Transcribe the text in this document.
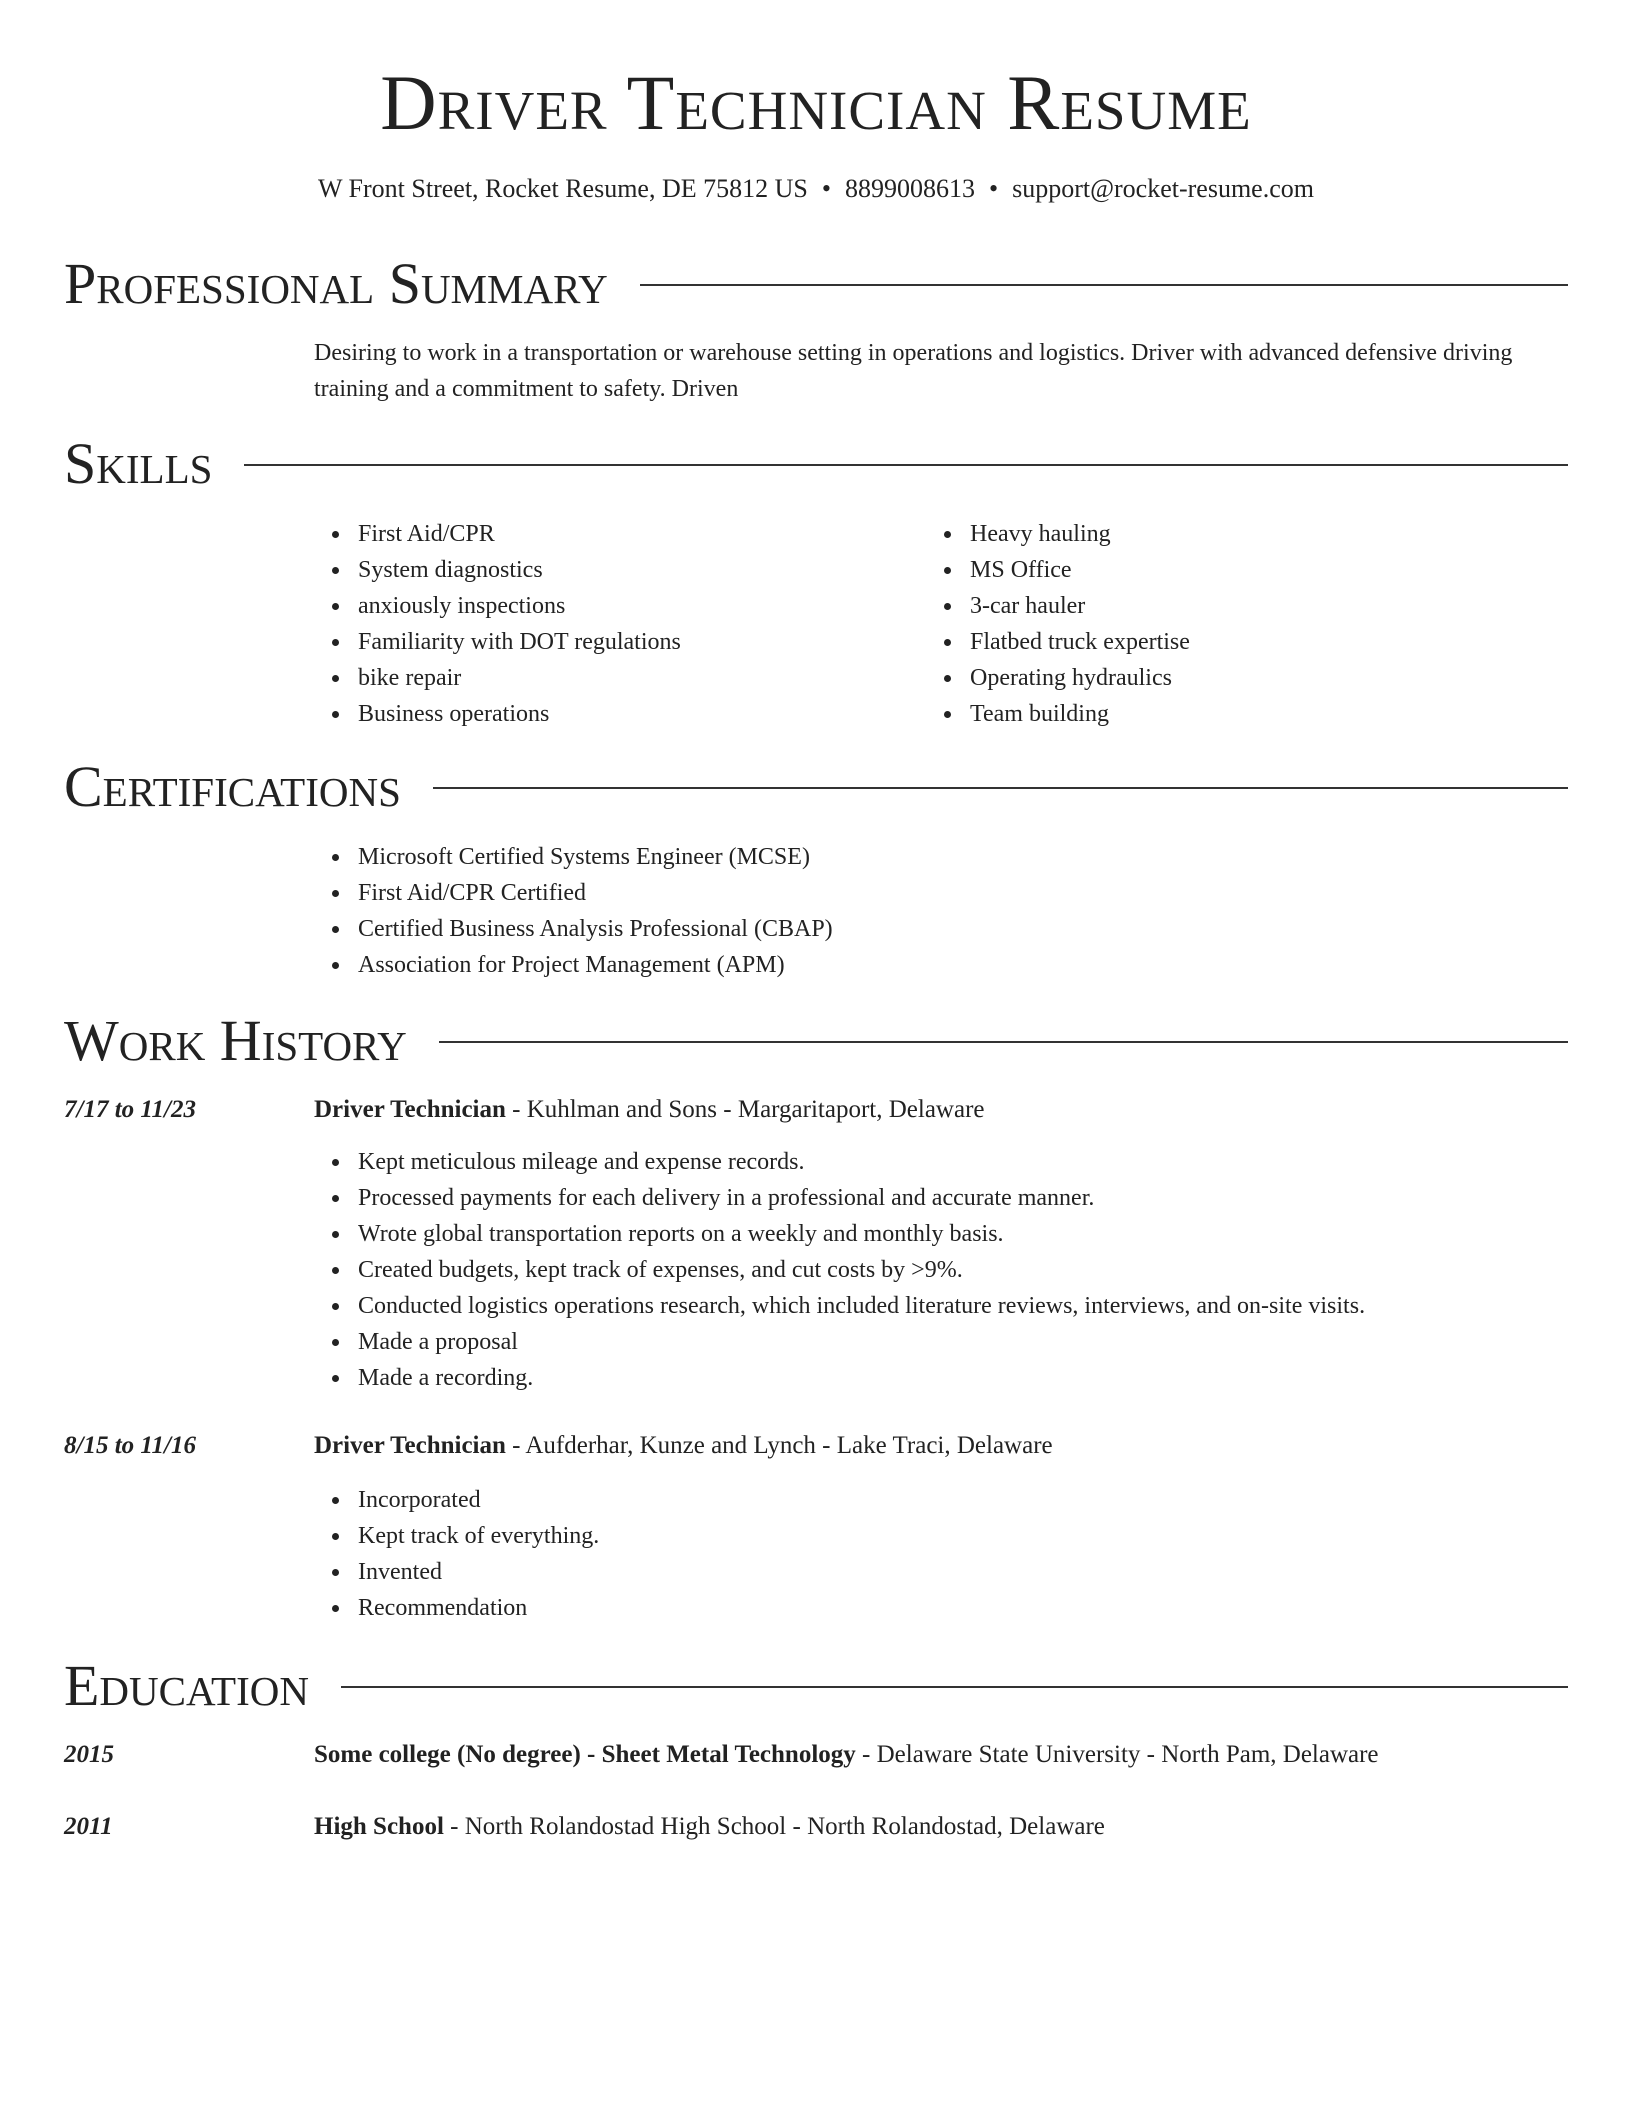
Driver Technician Resume
W Front Street, Rocket Resume, DE 75812 US • 8899008613 • support@rocket-resume.com
Professional Summary
Desiring to work in a transportation or warehouse setting in operations and logistics. Driver with advanced defensive driving training and a commitment to safety. Driven
Skills
First Aid/CPR
System diagnostics
anxiously inspections
Familiarity with DOT regulations
bike repair
Business operations
Heavy hauling
MS Office
3-car hauler
Flatbed truck expertise
Operating hydraulics
Team building
Certifications
Microsoft Certified Systems Engineer (MCSE)
First Aid/CPR Certified
Certified Business Analysis Professional (CBAP)
Association for Project Management (APM)
Work History
7/17 to 11/23	Driver Technician - Kuhlman and Sons - Margaritaport, Delaware
Kept meticulous mileage and expense records.
Processed payments for each delivery in a professional and accurate manner.
Wrote global transportation reports on a weekly and monthly basis.
Created budgets, kept track of expenses, and cut costs by >9%.
Conducted logistics operations research, which included literature reviews, interviews, and on-site visits.
Made a proposal
Made a recording.
8/15 to 11/16	Driver Technician - Aufderhar, Kunze and Lynch - Lake Traci, Delaware
Incorporated
Kept track of everything.
Invented
Recommendation
Education
2015	Some college (No degree) - Sheet Metal Technology - Delaware State University - North Pam, Delaware
2011	High School - North Rolandostad High School - North Rolandostad, Delaware
